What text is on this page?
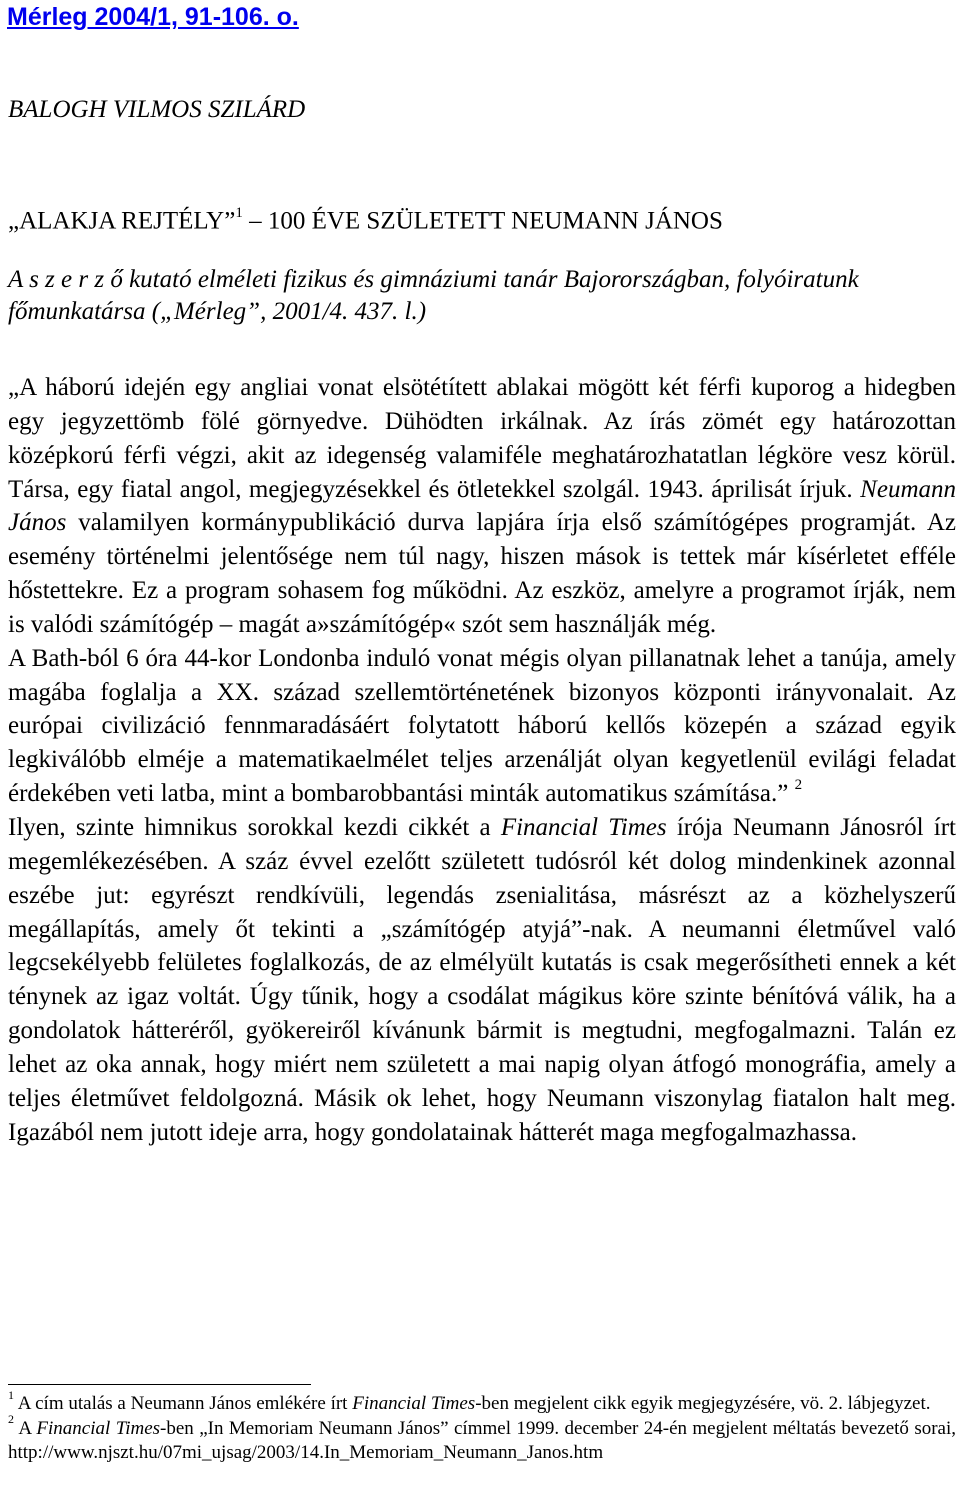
Mérleg 2004/1, 91-106. o.
BALOGH VILMOS SZILÁRD
„ALAKJA REJTÉLY”$^1$ – 100 ÉVE SZÜLETETT NEUMANN JÁNOS
A s z e r z ő kutató elméleti fizikus és gimnáziumi tanár Bajorországban, folyóiratunk főmunkatársa („Mérleg”, 2001/4. 437. l.)

„A háború idején egy angliai vonat elsötétített ablakai mögött két férfi kuporog a hidegben egy jegyzettömb fölé görnyedve. Dühödten irkálnak. Az írás zömét egy határozottan középkorú férfi végzi, akit az idegenség valamiféle meghatározhatatlan légköre vesz körül. Társa, egy fiatal angol, megjegyzésekkel és ötletekkel szolgál. 1943. áprilisát írjuk. Neumann János valamilyen kormánypublikáció durva lapjára írja első számítógépes programját. Az esemény történelmi jelentősége nem túl nagy, hiszen mások is tettek már kísérletet efféle hőstettekre. Ez a program sohasem fog működni. Az eszköz, amelyre a programot írják, nem is valódi számítógép – magát a»számítógép« szót sem használják még.

A Bath-ból 6 óra 44-kor Londonba induló vonat mégis olyan pillanatnak lehet a tanúja, amely magába foglalja a XX. század szellemtörténetének bizonyos központi irányvonalait. Az európai civilizáció fennmaradásáért folytatott háború kellős közepén a század egyik legkiválóbb elméje a matematikaelmélet teljes arzenálját olyan kegyetlenül evilági feladat érdekében veti latba, mint a bombarobbantási minták automatikus számítása.” $^2$

Ilyen, szinte himnikus sorokkal kezdi cikkét a Financial Times írója Neumann Jánosról írt megemlékezésében. A száz évvel ezelőtt született tudósról két dolog mindenkinek azonnal eszébe jut: egyrészt rendkívüli, legendás zsenialitása, másrészt az a közhelyszerű megállapítás, amely őt tekinti a „számítógép atyjá”-nak. A neumanni életművel való legcsekélyebb felületes foglalkozás, de az elmélyült kutatás is csak megerősítheti ennek a két ténynek az igaz voltát. Úgy tűnik, hogy a csodálat mágikus köre szinte bénítóvá válik, ha a gondolatok hátteréről, gyökereiről kívánunk bármit is megtudni, megfogalmazni. Talán ez lehet az oka annak, hogy miért nem született a mai napig olyan átfogó monográfia, amely a teljes életművet feldolgozná. Másik ok lehet, hogy Neumann viszonylag fiatalon halt meg. Igazából nem jutott ideje arra, hogy gondolatainak hátterét maga megfogalmazhassa.

$^1$ A cím utalás a Neumann János emlékére írt Financial Times-ben megjelent cikk egyik megjegyzésére, vö. 2. lábjegyzet.

$^2$ A Financial Times-ben „In Memoriam Neumann János” címmel 1999. december 24-én megjelent méltatás bevezető sorai, http://www.njszt.hu/07mi_ujsag/2003/14.In_Memoriam_Neumann_Janos.htm
